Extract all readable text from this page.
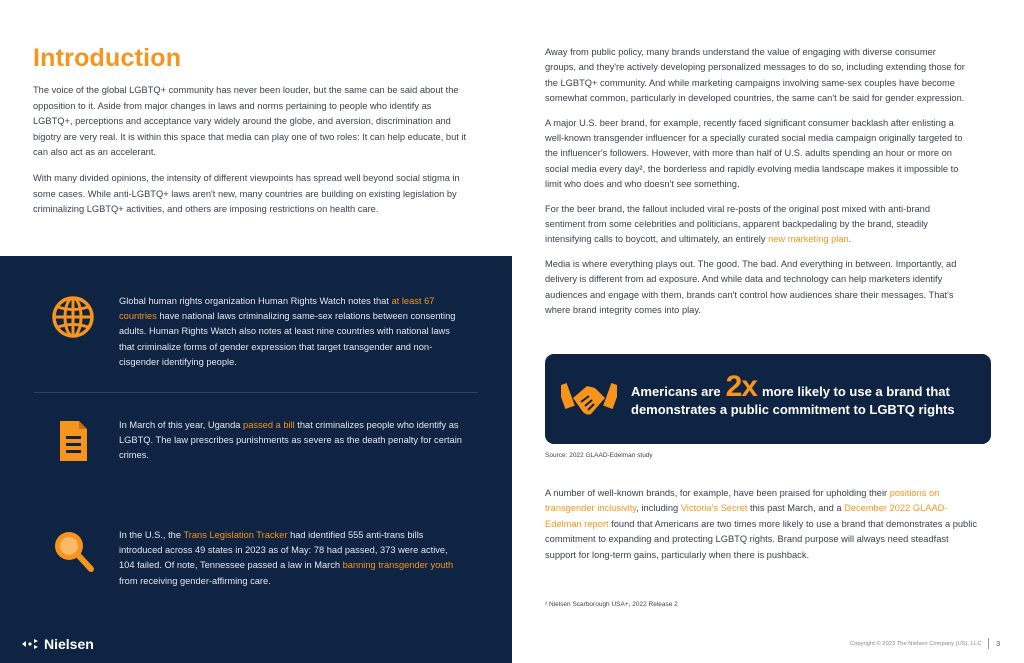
Introduction

The voice of the global LGBTQ+ community has never been louder, but the same can be said about the opposition to it. Aside from major changes in laws and norms pertaining to people who identify as LGBTQ+, perceptions and acceptance vary widely around the globe, and aversion, discrimination and bigotry are very real. It is within this space that media can play one of two roles: It can help educate, but it can also act as an accelerant.

With many divided opinions, the intensity of different viewpoints has spread well beyond social stigma in some cases. While anti-LGBTQ+ laws aren't new, many countries are building on existing legislation by criminalizing LGBTQ+ activities, and others are imposing restrictions on health care.

Global human rights organization Human Rights Watch notes that at least 67 countries have national laws criminalizing same-sex relations between consenting adults. Human Rights Watch also notes at least nine countries with national laws that criminalize forms of gender expression that target transgender and non-cisgender identifying people.
In March of this year, Uganda passed a bill that criminalizes people who identify as LGBTQ. The law prescribes punishments as severe as the death penalty for certain crimes.
In the U.S., the Trans Legislation Tracker had identified 555 anti-trans bills introduced across 49 states in 2023 as of May: 78 had passed, 373 were active, 104 failed. Of note, Tennessee passed a law in March banning transgender youth from receiving gender-affirming care.
Nielsen

Away from public policy, many brands understand the value of engaging with diverse consumer groups, and they're actively developing personalized messages to do so, including extending those for the LGBTQ+ community. And while marketing campaigns involving same-sex couples have become somewhat common, particularly in developed countries, the same can't be said for gender expression.

A major U.S. beer brand, for example, recently faced significant consumer backlash after enlisting a well-known transgender influencer for a specially curated social media campaign originally targeted to the influencer's followers. However, with more than half of U.S. adults spending an hour or more on social media every day², the borderless and rapidly evolving media landscape makes it impossible to limit who does and who doesn't see something.

For the beer brand, the fallout included viral re-posts of the original post mixed with anti-brand sentiment from some celebrities and politicians, apparent backpedaling by the brand, steadily intensifying calls to boycott, and ultimately, an entirely new marketing plan.

Media is where everything plays out. The good. The bad. And everything in between. Importantly, ad delivery is different from ad exposure. And while data and technology can help marketers identify audiences and engage with them, brands can't control how audiences share their messages. That's where brand integrity comes into play.

Americans are 2x more likely to use a brand that
demonstrates a public commitment to LGBTQ rights
Source: 2022 GLAAD-Edelman study

A number of well-known brands, for example, have been praised for upholding their positions on transgender inclusivity, including Victoria's Secret this past March, and a December 2022 GLAAD-Edelman report found that Americans are two times more likely to use a brand that demonstrates a public commitment to expanding and protecting LGBTQ rights. Brand purpose will always need steadfast support for long-term gains, particularly when there is pushback.

² Nielsen Scarborough USA+, 2022 Release 2
Copyright © 2023 The Nielsen Company (US), LLC 3
